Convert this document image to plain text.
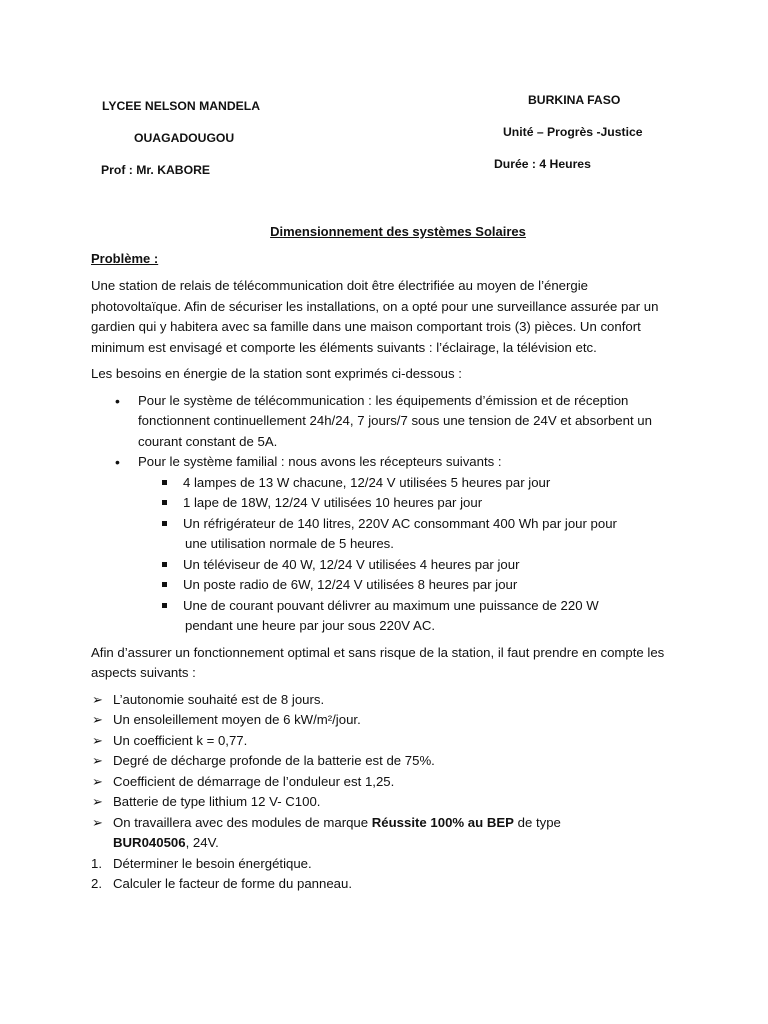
LYCEE NELSON MANDELA
OUAGADOUGOU
Prof : Mr. KABORE
BURKINA FASO
Unité – Progrès -Justice
Durée : 4 Heures
Dimensionnement des systèmes Solaires
Problème :

Une station de relais de télécommunication doit être électrifiée au moyen de l’énergie photovoltaïque. Afin de sécuriser les installations, on a opté pour une surveillance assurée par un gardien qui y habitera avec sa famille dans une maison comportant trois (3) pièces. Un confort minimum est envisagé et comporte les éléments suivants : l’éclairage, la télévision etc.

Les besoins en énergie de la station sont exprimés ci-dessous :

• Pour le système de télécommunication : les équipements d’émission et de réception fonctionnent continuellement 24h/24, 7 jours/7 sous une tension de 24V et absorbent un courant constant de 5A.
• Pour le système familial : nous avons les récepteurs suivants :
4 lampes de 13 W chacune, 12/24 V utilisées 5 heures par jour
1 lape de 18W, 12/24 V utilisées 10 heures par jour
Un réfrigérateur de 140 litres, 220V AC consommant 400 Wh par jour pour
une utilisation normale de 5 heures.
Un téléviseur de 40 W, 12/24 V utilisées 4 heures par jour
Un poste radio de 6W, 12/24 V utilisées 8 heures par jour
Une de courant pouvant délivrer au maximum une puissance de 220 W
pendant une heure par jour sous 220V AC.

Afin d’assurer un fonctionnement optimal et sans risque de la station, il faut prendre en compte les aspects suivants :

➢ L’autonomie souhaité est de 8 jours.
➢ Un ensoleillement moyen de 6 kW/m²/jour.
➢ Un coefficient k = 0,77.
➢ Degré de décharge profonde de la batterie est de 75%.
➢ Coefficient de démarrage de l’onduleur est 1,25.
➢ Batterie de type lithium 12 V- C100.
➢ On travaillera avec des modules de marque Réussite 100% au BEP de type
BUR040506, 24V.
1. Déterminer le besoin énergétique.
2. Calculer le facteur de forme du panneau.
